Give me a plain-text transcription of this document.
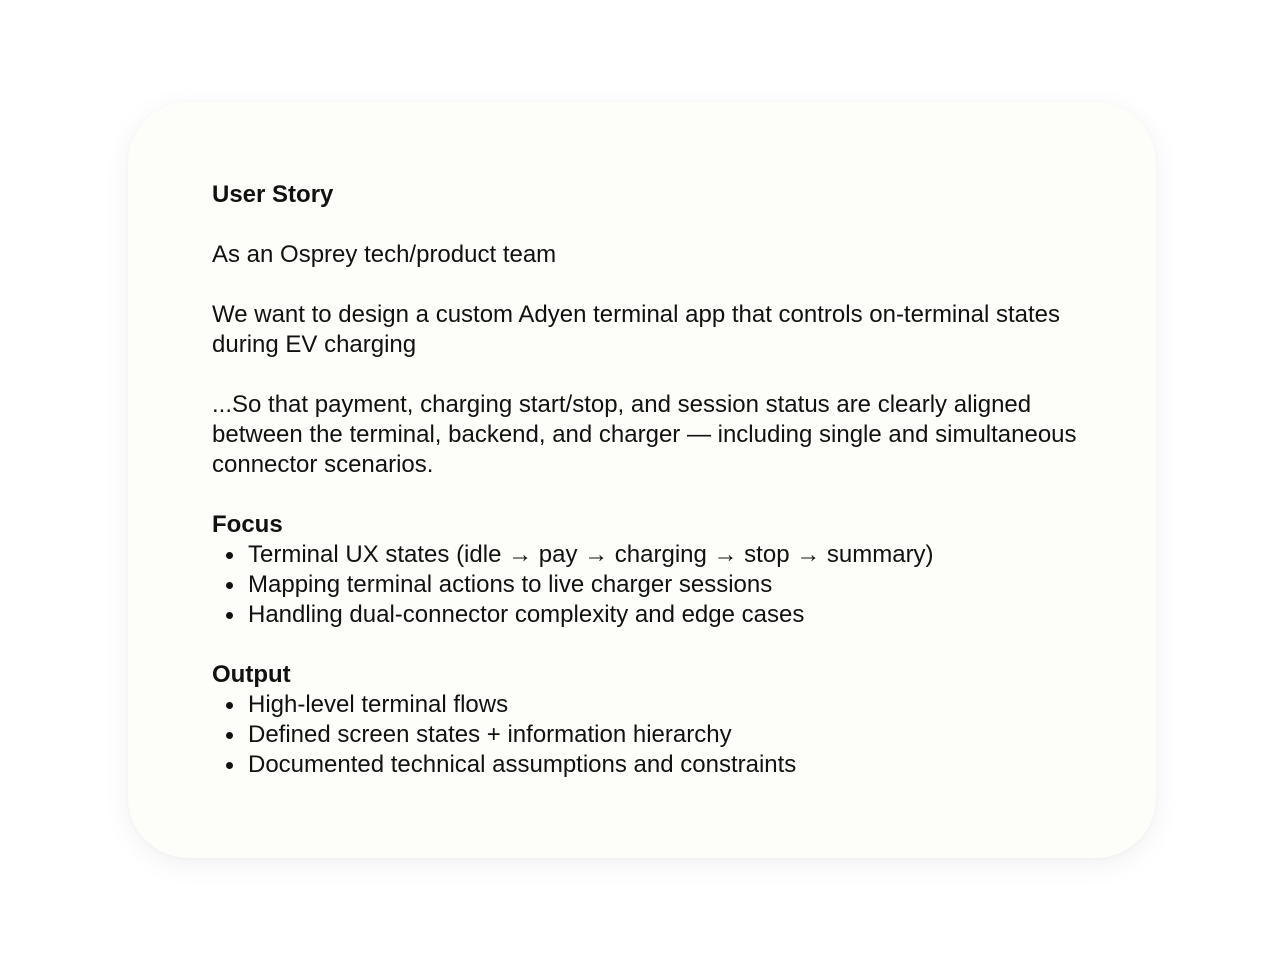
User Story

As an Osprey tech/product team

We want to design a custom Adyen terminal app that controls on-terminal states during EV charging

...So that payment, charging start/stop, and session status are clearly aligned between the terminal, backend, and charger — including single and simultaneous connector scenarios.

Focus

Terminal UX states (idle → pay → charging → stop → summary)
Mapping terminal actions to live charger sessions
Handling dual-connector complexity and edge cases

Output

High-level terminal flows
Defined screen states + information hierarchy
Documented technical assumptions and constraints
